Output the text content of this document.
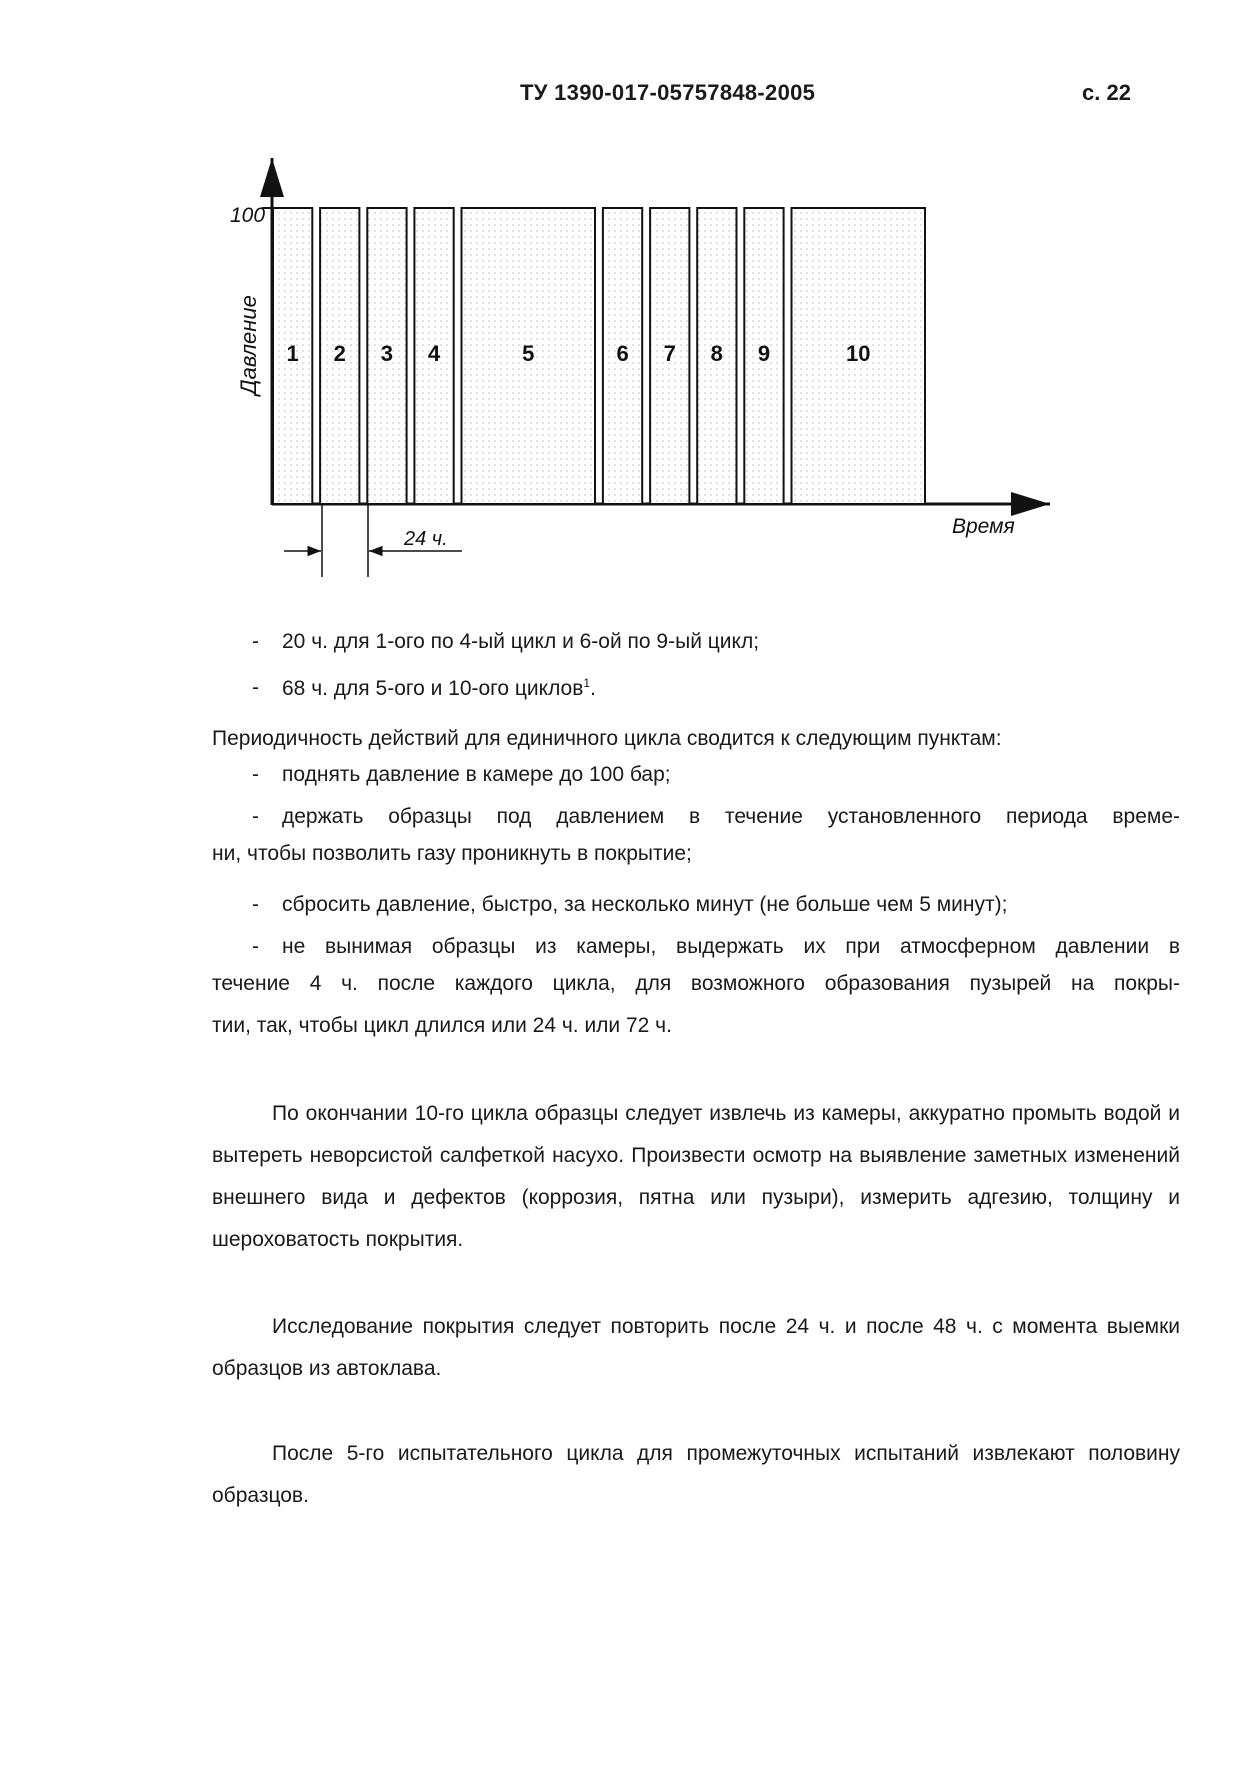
ТУ 1390-017-05757848-2005	с. 22
100
Давление
Время
1 2 3 4	5	6 7 8 9	10
24 ч.
- 20 ч. для 1-ого по 4-ый цикл и 6-ой по 9-ый цикл;
- 68 ч. для 5-ого и 10-ого циклов$^1$.
Периодичность действий для единичного цикла сводится к следующим пунктам:
- поднять давление в камере до 100 бар;
- держать образцы под давлением в течение установленного периода време-
ни, чтобы позволить газу проникнуть в покрытие;
- сбросить давление, быстро, за несколько минут (не больше чем 5 минут);
- не вынимая образцы из камеры, выдержать их при атмосферном давлении в
течение 4 ч. после каждого цикла, для возможного образования пузырей на покры-
тии, так, чтобы цикл длился или 24 ч. или 72 ч.
По окончании 10-го цикла образцы следует извлечь из камеры, аккуратно промыть водой и вытереть неворсистой салфеткой насухо. Произвести осмотр на выявление заметных изменений внешнего вида и дефектов (коррозия, пятна или пузыри), измерить адгезию, толщину и шероховатость покрытия.
Исследование покрытия следует повторить после 24 ч. и после 48 ч. с момента выемки образцов из автоклава.
После 5-го испытательного цикла для промежуточных испытаний извлекают половину образцов.
